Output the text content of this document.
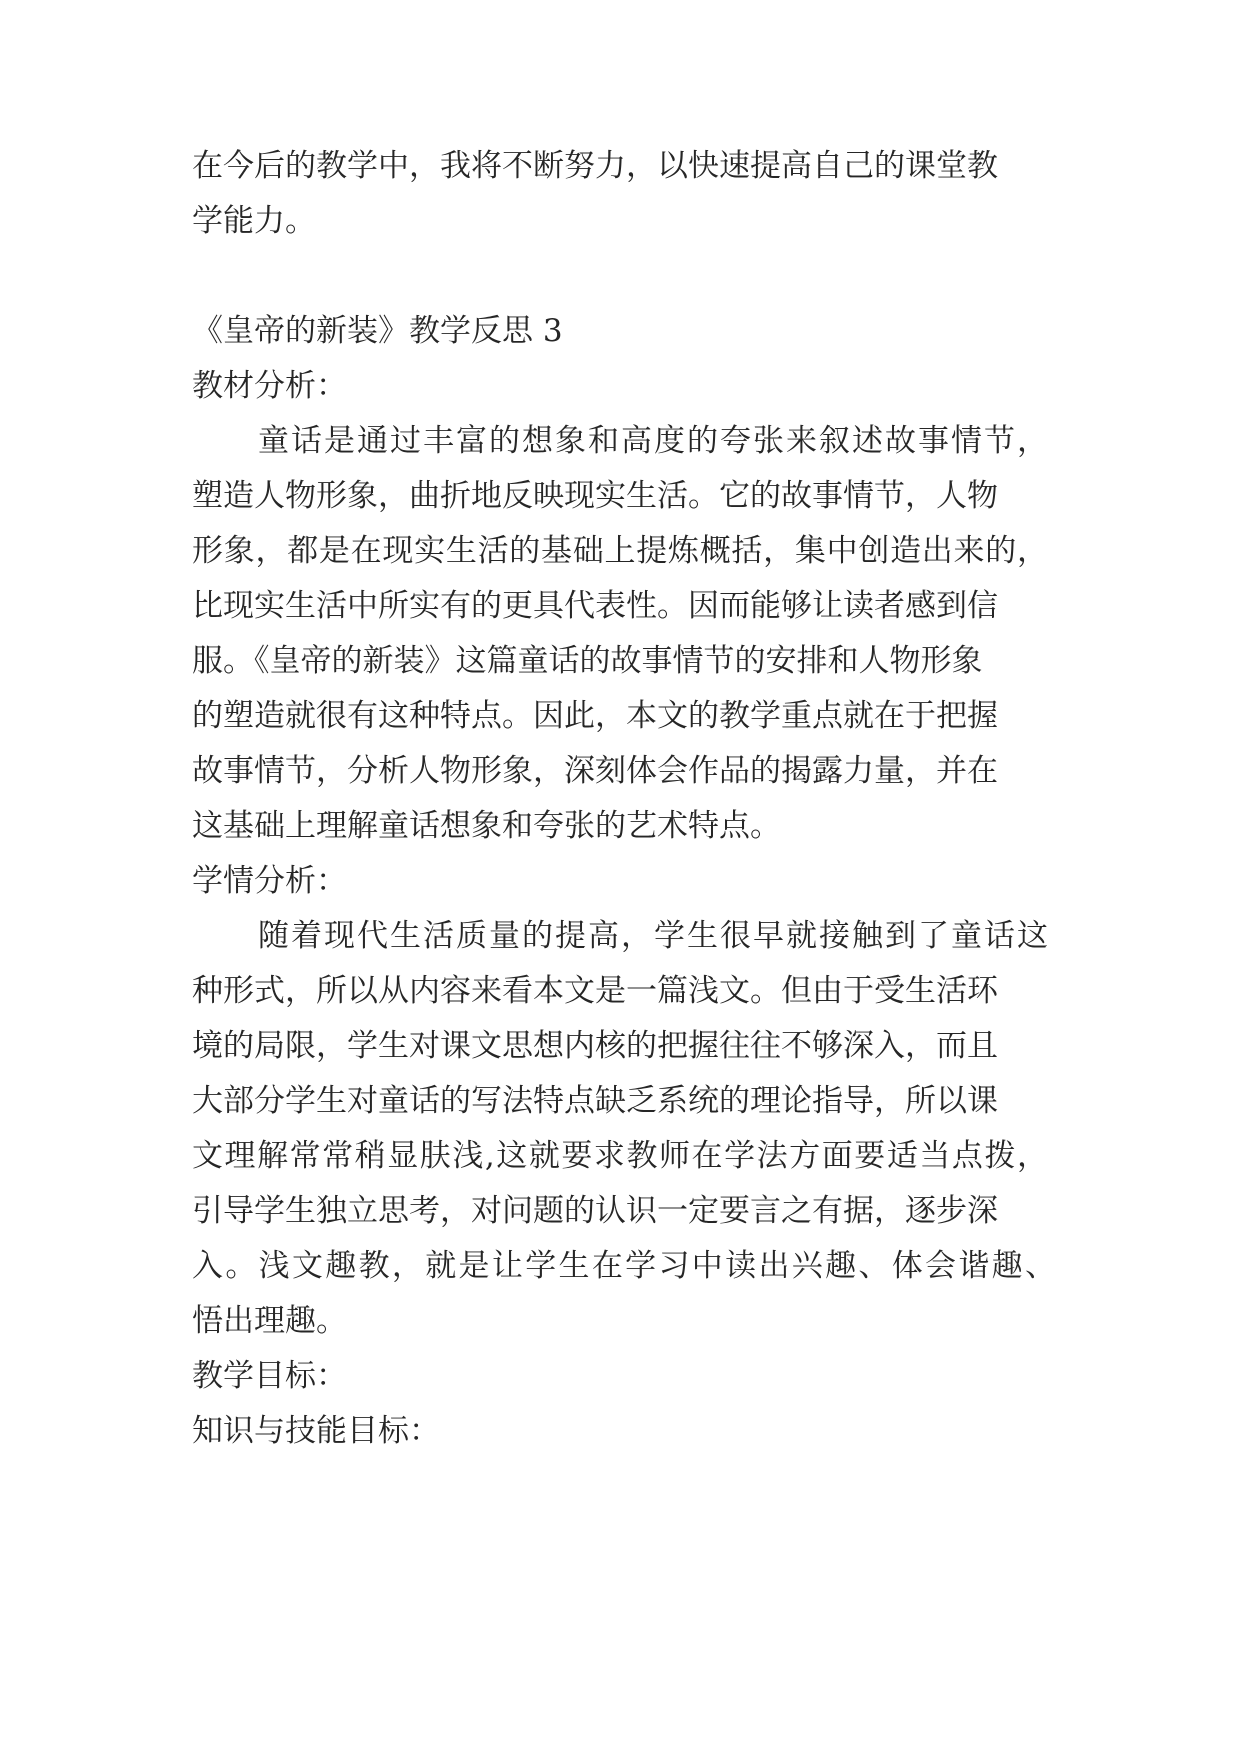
在今后的教学中，我将不断努力，以快速提高自己的课堂教

学能力。

《皇帝的新装》教学反思 3

教材分析：

童话是通过丰富的想象和高度的夸张来叙述故事情节，

塑造人物形象，曲折地反映现实生活。它的故事情节，人物

形象，都是在现实生活的基础上提炼概括，集中创造出来的，

比现实生活中所实有的更具代表性。因而能够让读者感到信

服。《皇帝的新装》这篇童话的故事情节的安排和人物形象

的塑造就很有这种特点。因此，本文的教学重点就在于把握

故事情节，分析人物形象，深刻体会作品的揭露力量，并在

这基础上理解童话想象和夸张的艺术特点。

学情分析：

随着现代生活质量的提高，学生很早就接触到了童话这

种形式，所以从内容来看本文是一篇浅文。但由于受生活环

境的局限，学生对课文思想内核的把握往往不够深入，而且

大部分学生对童话的写法特点缺乏系统的理论指导，所以课

文理解常常稍显肤浅,这就要求教师在学法方面要适当点拨，

引导学生独立思考，对问题的认识一定要言之有据，逐步深

入。浅文趣教，就是让学生在学习中读出兴趣、体会谐趣、

悟出理趣。

教学目标：

知识与技能目标：
